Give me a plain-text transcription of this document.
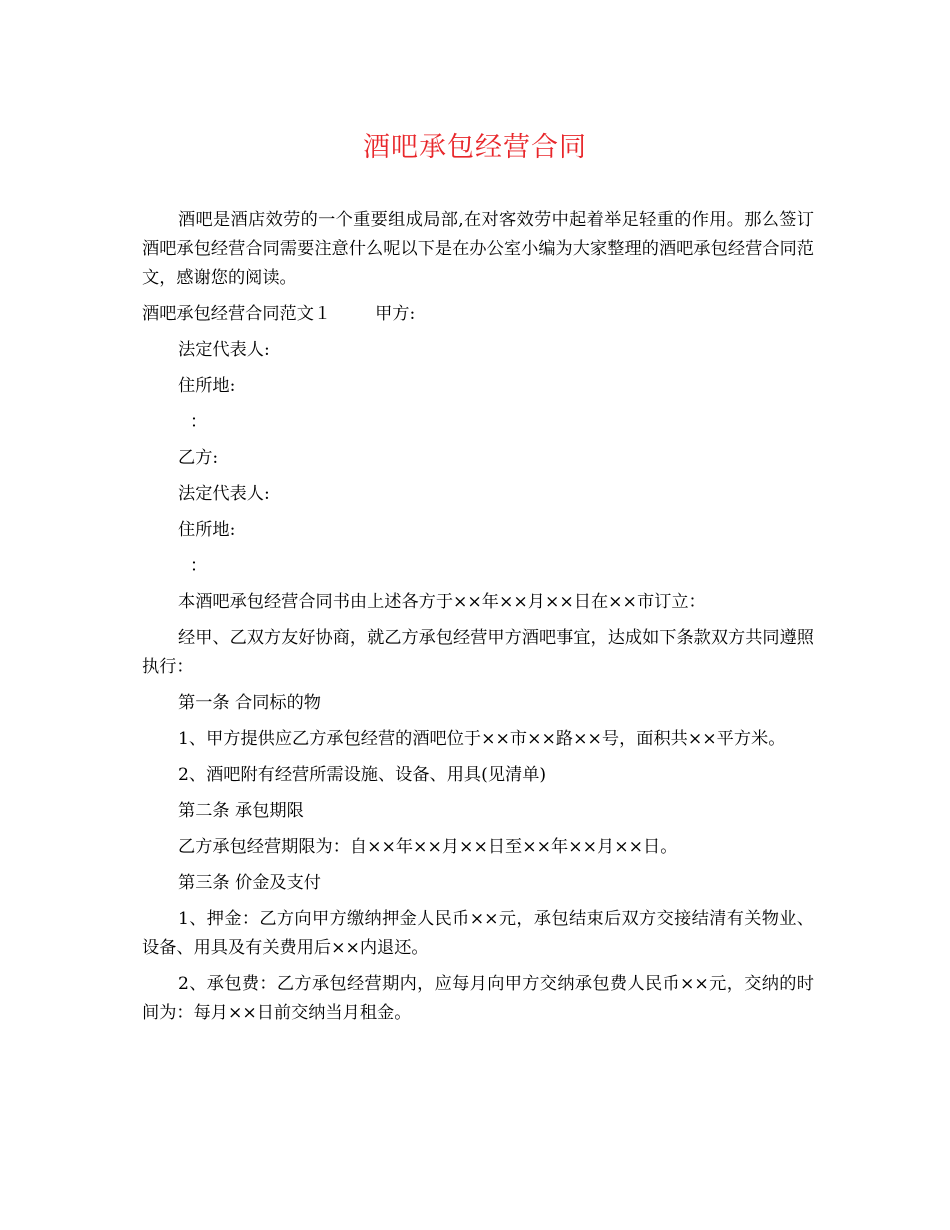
酒吧承包经营合同

酒吧是酒店效劳的一个重要组成局部,在对客效劳中起着举足轻重的作用。那么签订酒吧承包经营合同需要注意什么呢以下是在办公室小编为大家整理的酒吧承包经营合同范文，感谢您的阅读。

酒吧承包经营合同范文１	甲方:

法定代表人:

住所地:

：

乙方:

法定代表人:

住所地:

：

本酒吧承包经营合同书由上述各方于××年××月××日在××市订立：

经甲、乙双方友好协商，就乙方承包经营甲方酒吧事宜，达成如下条款双方共同遵照执行：

第一条 合同标的物

1、甲方提供应乙方承包经营的酒吧位于××市××路××号，面积共××平方米。

2、酒吧附有经营所需设施、设备、用具(见清单)

第二条 承包期限

乙方承包经营期限为：自××年××月××日至××年××月××日。

第三条 价金及支付

1、押金：乙方向甲方缴纳押金人民币××元，承包结束后双方交接结清有关物业、设备、用具及有关费用后××内退还。

2、承包费：乙方承包经营期内，应每月向甲方交纳承包费人民币××元，交纳的时间为：每月××日前交纳当月租金。
